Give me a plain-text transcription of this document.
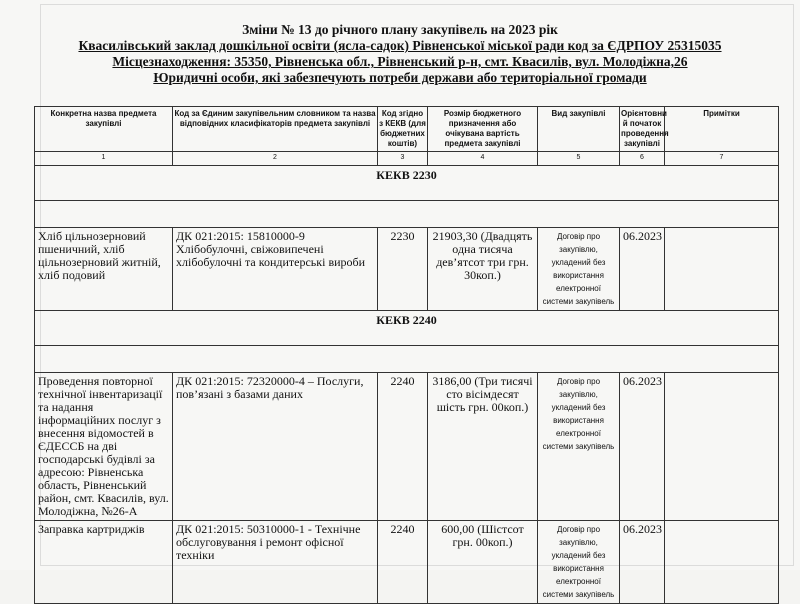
Зміни № 13 до річного плану закупівель на 2023 рік
Квасилівський заклад дошкільної освіти (ясла-садок) Рівненської міської ради код за ЄДРПОУ 25315035
Місцезнаходження: 35350, Рівненська обл., Рівненський р-н, смт. Квасилів, вул. Молодіжна,26
Юридичні особи, які забезпечують потреби держави або територіальної громади
Конкретна назва предмета закупівлі	Код за Єдиним закупівельним словником та назва відповідних класифікаторів предмета закупівлі	Код згідно з КЕКВ (для бюджетних коштів)	Розмір бюджетного призначення або очікувана вартість предмета закупівлі	Вид закупівлі	Орієнтовни й початок проведення закупівлі	Примітки
1	2	3	4	5	6	7
КЕКВ 2230						

Хліб цільнозерновий пшеничний, хліб цільнозерновий житній, хліб подовий	ДК 021:2015: 15810000-9 Хлібобулочні, свіжовипечені хлібобулочні та кондитерські вироби	2230	21903,30 (Двадцять одна тисяча дев’ятсот три грн. 30коп.)	Договір про закупівлю, укладений без використання електронної системи закупівель	06.2023	
КЕКВ 2240						

Проведення повторної технічної інвентаризації та надання інформаційних послуг з внесення відомостей в ЄДЕССБ на дві господарські будівлі за адресою: Рівненська область, Рівненський район, смт. Квасилів, вул. Молодіжна, №26-А	ДК 021:2015: 72320000-4 – Послуги, пов’язані з базами даних	2240	3186,00 (Три тисячі сто вісімдесят шість грн. 00коп.)	Договір про закупівлю, укладений без використання електронної системи закупівель	06.2023	
Заправка картриджів	ДК 021:2015: 50310000-1 - Технічне обслуговування і ремонт офісної техніки	2240	600,00 (Шістсот грн. 00коп.)	Договір про закупівлю, укладений без використання електронної системи закупівель	06.2023	
